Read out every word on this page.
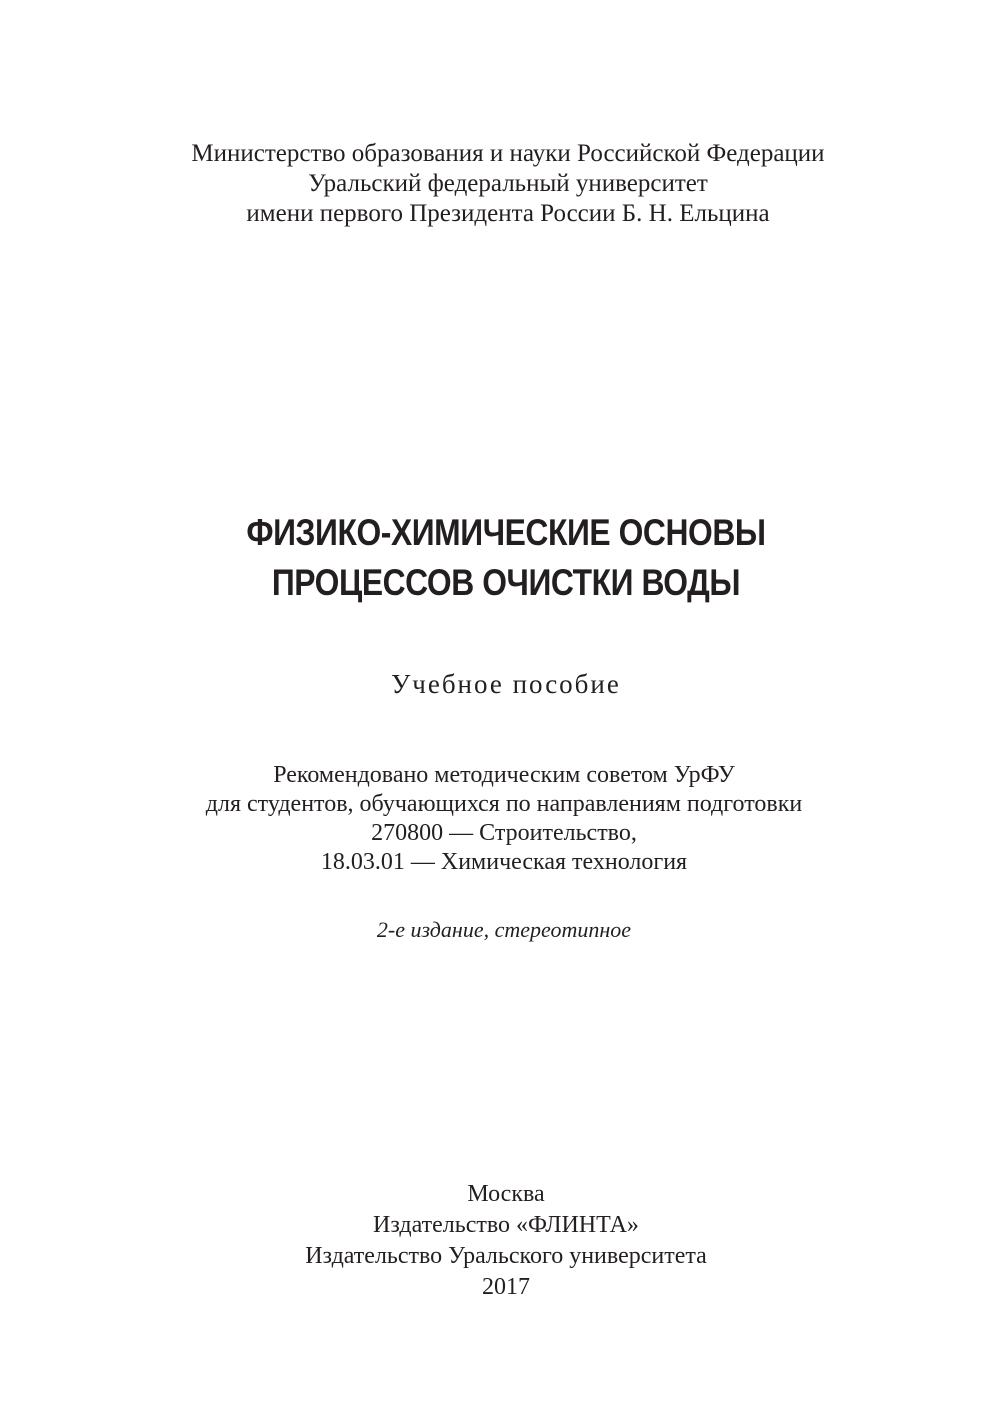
Министерство образования и науки Российской Федерации
Уральский федеральный университет
имени первого Президента России Б. Н. Ельцина
ФИЗИКО-ХИМИЧЕСКИЕ ОСНОВЫ
ПРОЦЕССОВ ОЧИСТКИ ВОДЫ
Учебное пособие
Рекомендовано методическим советом УрФУ
для студентов, обучающихся по направлениям подготовки
270800 — Строительство,
18.03.01 — Химическая технология
2-е издание, стереотипное
Москва
Издательство «ФЛИНТА»
Издательство Уральского университета
2017
